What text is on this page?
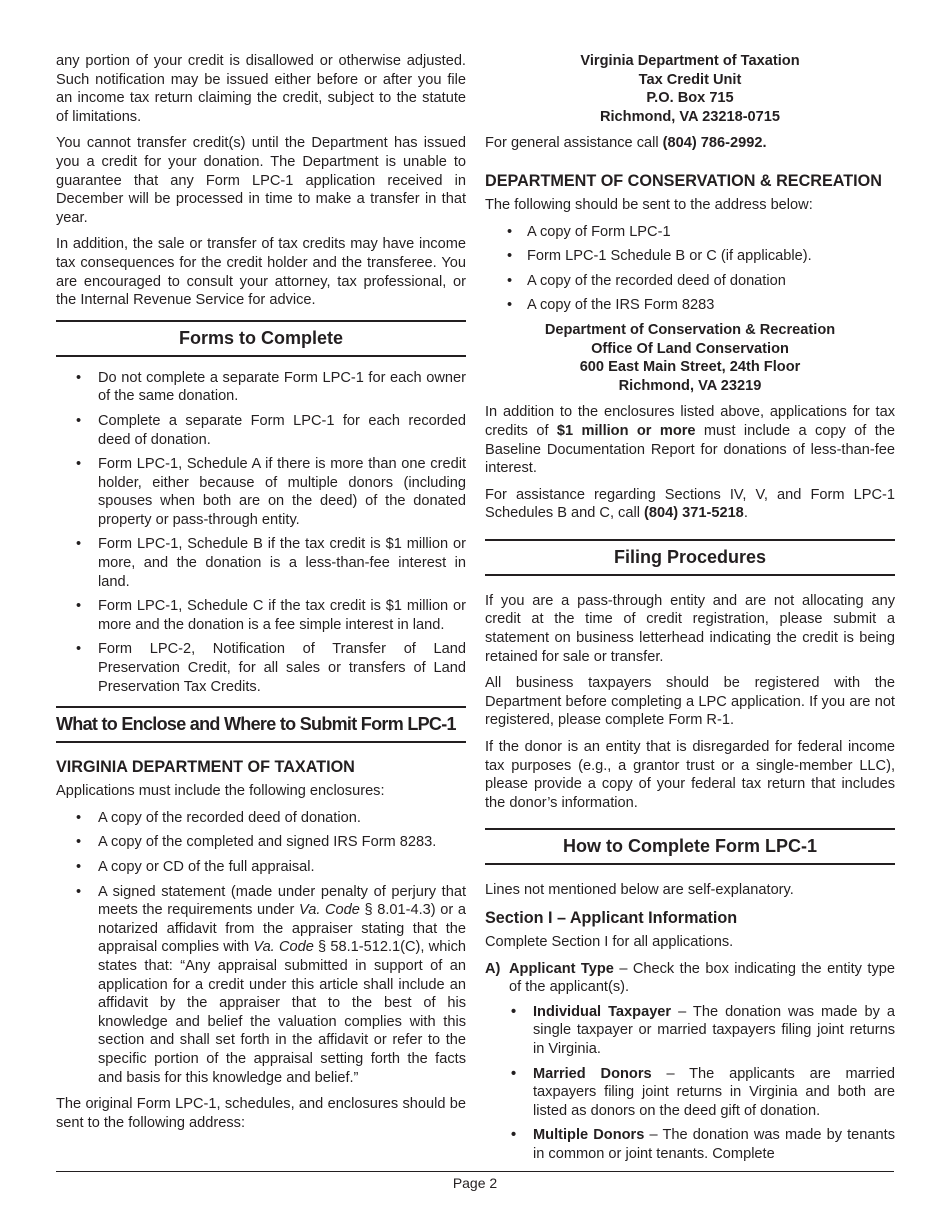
any portion of your credit is disallowed or otherwise adjusted. Such notification may be issued either before or after you file an income tax return claiming the credit, subject to the statute of limitations.

You cannot transfer credit(s) until the Department has issued you a credit for your donation. The Department is unable to guarantee that any Form LPC-1 application received in December will be processed in time to make a transfer in that year.

In addition, the sale or transfer of tax credits may have income tax consequences for the credit holder and the transferee. You are encouraged to consult your attorney, tax professional, or the Internal Revenue Service for advice.

Forms to Complete
• Do not complete a separate Form LPC-1 for each owner of the same donation.
• Complete a separate Form LPC-1 for each recorded deed of donation.
• Form LPC-1, Schedule A if there is more than one credit holder, either because of multiple donors (including spouses when both are on the deed) of the donated property or pass-through entity.
• Form LPC-1, Schedule B if the tax credit is $1 million or more, and the donation is a less-than-fee interest in land.
• Form LPC-1, Schedule C if the tax credit is $1 million or more and the donation is a fee simple interest in land.
• Form LPC-2, Notification of Transfer of Land Preservation Credit, for all sales or transfers of Land Preservation Tax Credits.
What to Enclose and Where to Submit Form LPC-1
VIRGINIA DEPARTMENT OF TAXATION

Applications must include the following enclosures:

• A copy of the recorded deed of donation.
• A copy of the completed and signed IRS Form 8283.
• A copy or CD of the full appraisal.
• A signed statement (made under penalty of perjury that meets the requirements under Va. Code § 8.01-4.3) or a notarized affidavit from the appraiser stating that the appraisal complies with Va. Code § 58.1-512.1(C), which states that: “Any appraisal submitted in support of an application for a credit under this article shall include an affidavit by the appraiser that to the best of his knowledge and belief the valuation complies with this section and shall set forth in the affidavit or refer to the specific portion of the appraisal setting forth the facts and basis for this knowledge and belief.”

The original Form LPC-1, schedules, and enclosures should be sent to the following address:

Virginia Department of Taxation
Tax Credit Unit
P.O. Box 715
Richmond, VA 23218-0715

For general assistance call (804) 786-2992.

DEPARTMENT OF CONSERVATION & RECREATION

The following should be sent to the address below:

• A copy of Form LPC-1
• Form LPC-1 Schedule B or C (if applicable).
• A copy of the recorded deed of donation
• A copy of the IRS Form 8283
Department of Conservation & Recreation
Office Of Land Conservation
600 East Main Street, 24th Floor
Richmond, VA 23219

In addition to the enclosures listed above, applications for tax credits of $1 million or more must include a copy of the Baseline Documentation Report for donations of less-than-fee interest.

For assistance regarding Sections IV, V, and Form LPC-1 Schedules B and C, call (804) 371-5218.

Filing Procedures

If you are a pass-through entity and are not allocating any credit at the time of credit registration, please submit a statement on business letterhead indicating the credit is being retained for sale or transfer.

All business taxpayers should be registered with the Department before completing a LPC application. If you are not registered, please complete Form R-1.

If the donor is an entity that is disregarded for federal income tax purposes (e.g., a grantor trust or a single-member LLC), please provide a copy of your federal tax return that includes the donor’s information.

How to Complete Form LPC-1

Lines not mentioned below are self-explanatory.

Section I – Applicant Information

Complete Section I for all applications.

A) Applicant Type – Check the box indicating the entity type of the applicant(s).
• Individual Taxpayer – The donation was made by a single taxpayer or married taxpayers filing joint returns in Virginia.
• Married Donors – The applicants are married taxpayers filing joint returns in Virginia and both are listed as donors on the deed gift of donation.
• Multiple Donors – The donation was made by tenants in common or joint tenants. Complete
Page 2
